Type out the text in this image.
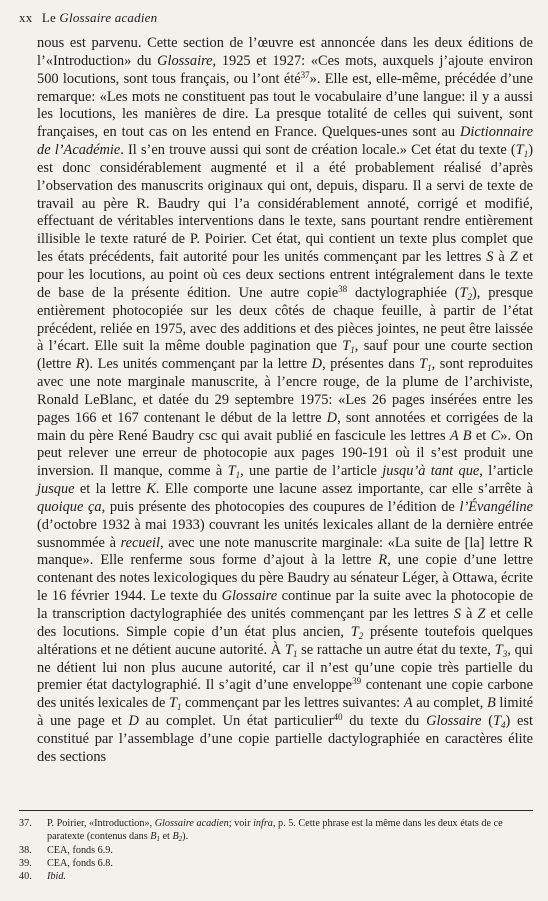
xx Le Glossaire acadien

nous est parvenu. Cette section de l’œuvre est annoncée dans les deux éditions de l’«Introduction» du Glossaire, 1925 et 1927: «Ces mots, auxquels j’ajoute environ 500 locutions, sont tous français, ou l’ont été$^{37}$». Elle est, elle-même, précédée d’une remarque: «Les mots ne constituent pas tout le vocabulaire d’une langue: il y a aussi les locutions, les manières de dire. La presque totalité de celles qui suivent, sont françaises, en tout cas on les entend en France. Quelques-unes sont au Dictionnaire de l’Académie. Il s’en trouve aussi qui sont de création locale.» Cet état du texte $(T_1)$ est donc considérablement augmenté et il a été probablement réalisé d’après l’observation des manuscrits originaux qui ont, depuis, disparu. Il a servi de texte de travail au père R. Baudry qui l’a considérablement annoté, corrigé et modifié, effectuant de véritables interventions dans le texte, sans pourtant rendre entièrement illisible le texte raturé de P. Poirier. Cet état, qui contient un texte plus complet que les états précédents, fait autorité pour les unités commençant par les lettres S à Z et pour les locutions, au point où ces deux sections entrent intégralement dans le texte de base de la présente édition. Une autre copie$^{38}$ dactylographiée $(T_2)$, presque entièrement photocopiée sur les deux côtés de chaque feuille, à partir de l’état précédent, reliée en 1975, avec des additions et des pièces jointes, ne peut être laissée à l’écart. Elle suit la même double pagination que $T_1$, sauf pour une courte section (lettre R). Les unités commençant par la lettre D, présentes dans $T_1$, sont reproduites avec une note marginale manuscrite, à l’encre rouge, de la plume de l’archiviste, Ronald LeBlanc, et datée du 29 septembre 1975: «Les 26 pages insérées entre les pages 166 et 167 contenant le début de la lettre D, sont annotées et corrigées de la main du père René Baudry csc qui avait publié en fascicule les lettres A B et C». On peut relever une erreur de photocopie aux pages 190-191 où il s’est produit une inversion. Il manque, comme à $T_1$, une partie de l’article jusqu’à tant que, l’article jusque et la lettre K. Elle comporte une lacune assez importante, car elle s’arrête à quoique ça, puis présente des photocopies des coupures de l’édition de l’Évangéline (d’octobre 1932 à mai 1933) couvrant les unités lexicales allant de la dernière entrée susnommée à recueil, avec une note manuscrite marginale: «La suite de [la] lettre R manque». Elle renferme sous forme d’ajout à la lettre R, une copie d’une lettre contenant des notes lexicologiques du père Baudry au sénateur Léger, à Ottawa, écrite le 16 février 1944. Le texte du Glossaire continue par la suite avec la photocopie de la transcription dactylographiée des unités commençant par les lettres S à Z et celle des locutions. Simple copie d’un état plus ancien, $T_2$ présente toutefois quelques altérations et ne détient aucune autorité. À $T_1$ se rattache un autre état du texte, $T_3$, qui ne détient lui non plus aucune autorité, car il n’est qu’une copie très partielle du premier état dactylographié. Il s’agit d’une enveloppe$^{39}$ contenant une copie carbone des unités lexicales de $T_1$ commençant par les lettres suivantes: A au complet, B limité à une page et D au complet. Un état particulier$^{40}$ du texte du Glossaire $(T_4)$ est constitué par l’assemblage d’une copie partielle dactylographiée en caractères élite des sections

37. P. Poirier, «Introduction», Glossaire acadien; voir infra, p. 5. Cette phrase est la même dans les deux états de ce paratexte (contenus dans $B_1$ et $B_2$).
38. CEA, fonds 6.9.
39. CEA, fonds 6.8.
40. Ibid.
